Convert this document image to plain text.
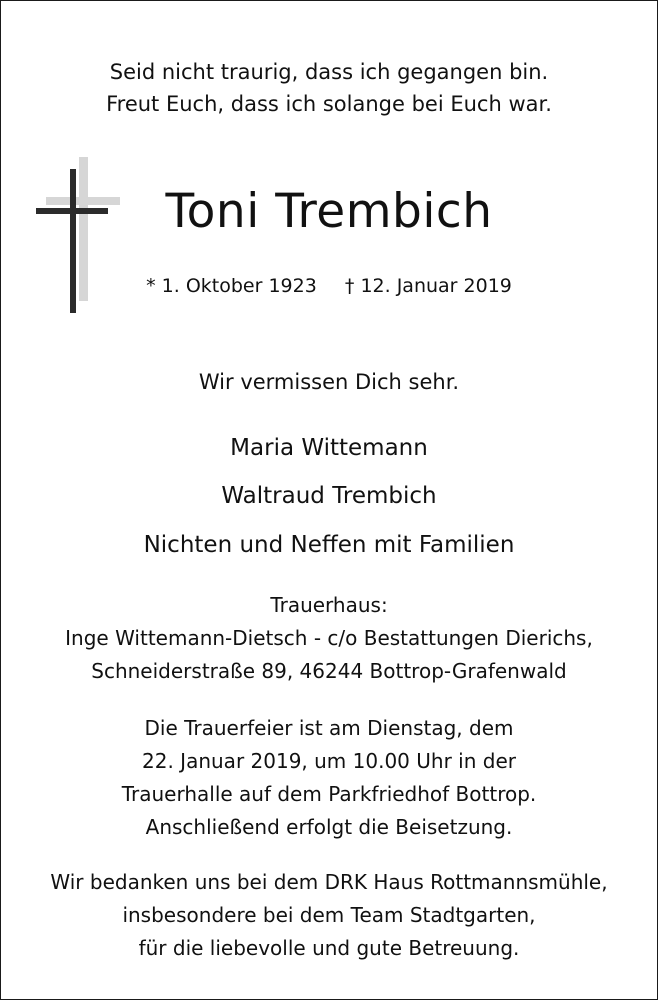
Seid nicht traurig, dass ich gegangen bin.
Freut Euch, dass ich solange bei Euch war.
Toni Trembich
* 1. Oktober 1923 † 12. Januar 2019
Wir vermissen Dich sehr.
Maria Wittemann
Waltraud Trembich
Nichten und Neffen mit Familien
Trauerhaus:
Inge Wittemann-Dietsch - c/o Bestattungen Dierichs,
Schneiderstraße 89, 46244 Bottrop-Grafenwald
Die Trauerfeier ist am Dienstag, dem
22. Januar 2019, um 10.00 Uhr in der
Trauerhalle auf dem Parkfriedhof Bottrop.
Anschließend erfolgt die Beisetzung.
Wir bedanken uns bei dem DRK Haus Rottmannsmühle,
insbesondere bei dem Team Stadtgarten,
für die liebevolle und gute Betreuung.
